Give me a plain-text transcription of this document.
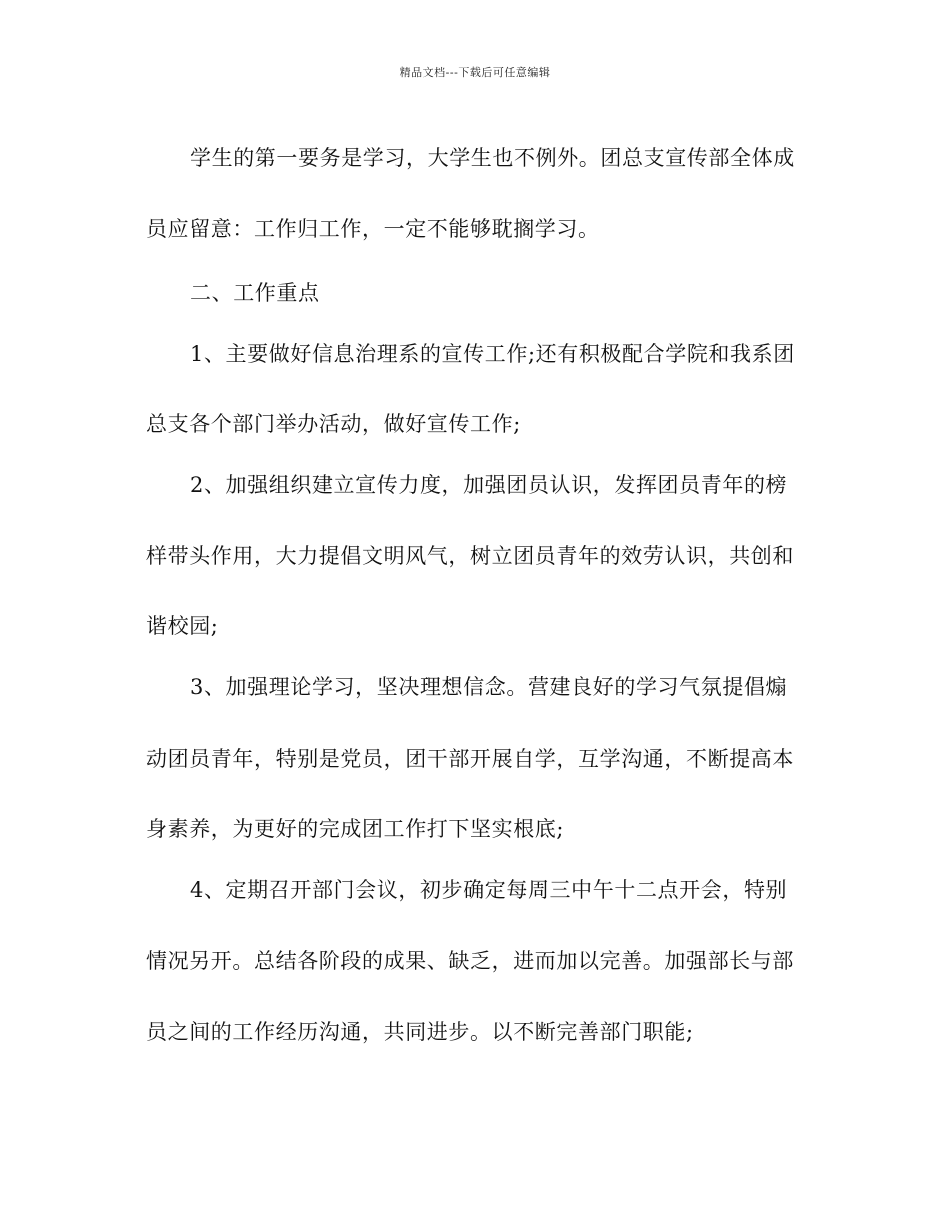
精品文档---下载后可任意编辑
学生的第一要务是学习，大学生也不例外。团总支宣传部全体成
员应留意：工作归工作，一定不能够耽搁学习。
二、工作重点
1、主要做好信息治理系的宣传工作;还有积极配合学院和我系团
总支各个部门举办活动，做好宣传工作;
2、加强组织建立宣传力度，加强团员认识，发挥团员青年的榜
样带头作用，大力提倡文明风气，树立团员青年的效劳认识，共创和
谐校园;
3、加强理论学习，坚决理想信念。营建良好的学习气氛提倡煽
动团员青年，特别是党员，团干部开展自学，互学沟通，不断提高本
身素养，为更好的完成团工作打下坚实根底;
4、定期召开部门会议，初步确定每周三中午十二点开会，特别
情况另开。总结各阶段的成果、缺乏，进而加以完善。加强部长与部
员之间的工作经历沟通，共同进步。以不断完善部门职能;
